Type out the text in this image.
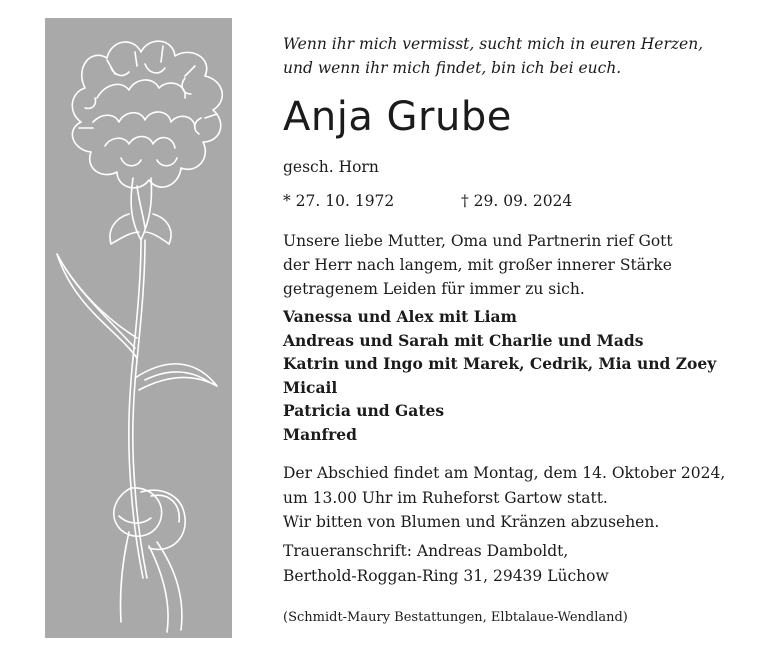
Wenn ihr mich vermisst, sucht mich in euren Herzen,
und wenn ihr mich findet, bin ich bei euch.
Anja Grube
gesch. Horn
* 27. 10. 1972	† 29. 09. 2024
Unsere liebe Mutter, Oma und Partnerin rief Gott
der Herr nach langem, mit großer innerer Stärke
getragenem Leiden für immer zu sich.
Vanessa und Alex mit Liam
Andreas und Sarah mit Charlie und Mads
Katrin und Ingo mit Marek, Cedrik, Mia und Zoey
Micail
Patricia und Gates
Manfred
Der Abschied findet am Montag, dem 14. Oktober 2024,
um 13.00 Uhr im Ruheforst Gartow statt.
Wir bitten von Blumen und Kränzen abzusehen.
Traueranschrift: Andreas Damboldt,
Berthold-Roggan-Ring 31, 29439 Lüchow
(Schmidt-Maury Bestattungen, Elbtalaue-Wendland)
